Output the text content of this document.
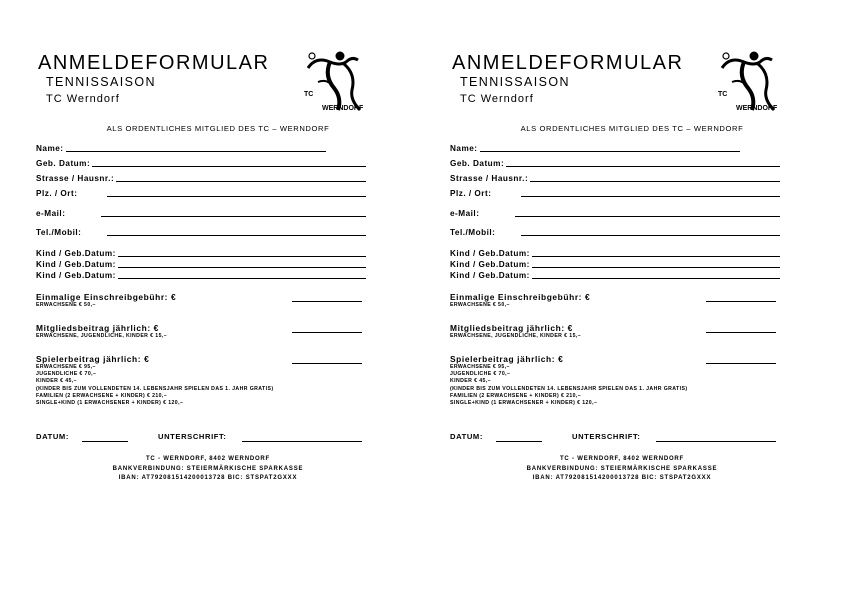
ANMELDEFORMULAR
TENNISSAISON
TC Werndorf	TC
WERNDORF
ALS ORDENTLICHES MITGLIED DES TC – WERNDORF
Name:
Geb. Datum:
Strasse / Hausnr.:
Plz. / Ort:
e-Mail:
Tel./Mobil:
Kind / Geb.Datum:
Kind / Geb.Datum:
Kind / Geb.Datum:
Einmalige Einschreibgebühr: €
ERWACHSENE € 50,–
Mitgliedsbeitrag jährlich: €
ERWACHSENE, JUGENDLICHE, KINDER € 15,–
Spielerbeitrag jährlich: €
ERWACHSENE € 95,–
JUGENDLICHE € 70,–
KINDER € 45,–
(KINDER BIS ZUM VOLLENDETEN 14. LEBENSJAHR SPIELEN DAS 1. JAHR GRATIS)
FAMILIEN (2 ERWACHSENE + KINDER) € 210,–
SINGLE+KIND (1 ERWACHSENER + KINDER) € 120,–
DATUM:	UNTERSCHRIFT:
TC - WERNDORF, 8402 WERNDORF
BANKVERBINDUNG: STEIERMÄRKISCHE SPARKASSE
IBAN: AT792081514200013728 BIC: STSPAT2GXXX
ANMELDEFORMULAR
TENNISSAISON
TC Werndorf	TC
WERNDORF
ALS ORDENTLICHES MITGLIED DES TC – WERNDORF
Name:
Geb. Datum:
Strasse / Hausnr.:
Plz. / Ort:
e-Mail:
Tel./Mobil:
Kind / Geb.Datum:
Kind / Geb.Datum:
Kind / Geb.Datum:
Einmalige Einschreibgebühr: €
ERWACHSENE € 50,–
Mitgliedsbeitrag jährlich: €
ERWACHSENE, JUGENDLICHE, KINDER € 15,–
Spielerbeitrag jährlich: €
ERWACHSENE € 95,–
JUGENDLICHE € 70,–
KINDER € 45,–
(KINDER BIS ZUM VOLLENDETEN 14. LEBENSJAHR SPIELEN DAS 1. JAHR GRATIS)
FAMILIEN (2 ERWACHSENE + KINDER) € 210,–
SINGLE+KIND (1 ERWACHSENER + KINDER) € 120,–
DATUM:	UNTERSCHRIFT:
TC - WERNDORF, 8402 WERNDORF
BANKVERBINDUNG: STEIERMÄRKISCHE SPARKASSE
IBAN: AT792081514200013728 BIC: STSPAT2GXXX
